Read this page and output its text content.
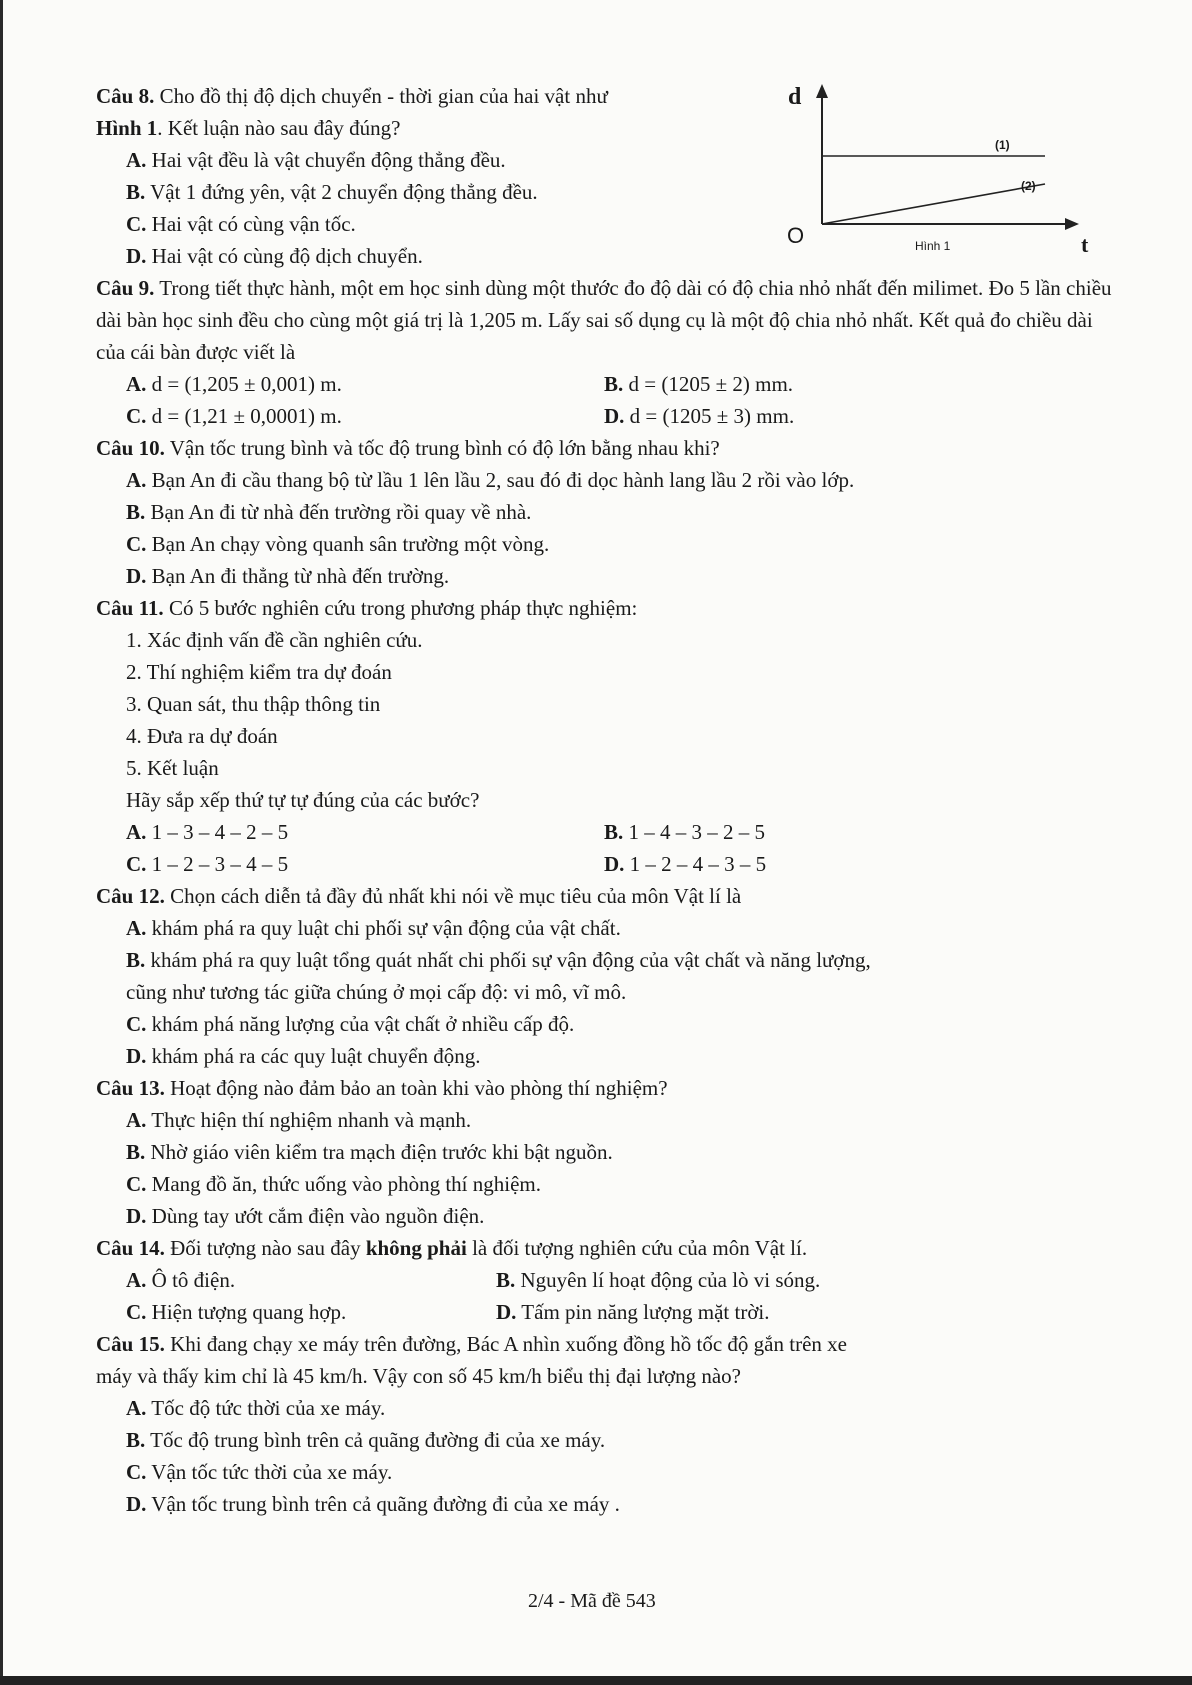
d
(1)
(2)
O	Hình 1	t
Câu 8. Cho đồ thị độ dịch chuyển - thời gian của hai vật như
Hình 1. Kết luận nào sau đây đúng?
A. Hai vật đều là vật chuyển động thẳng đều.
B. Vật 1 đứng yên, vật 2 chuyển động thẳng đều.
C. Hai vật có cùng vận tốc.
D. Hai vật có cùng độ dịch chuyển.
Câu 9. Trong tiết thực hành, một em học sinh dùng một thước đo độ dài có độ chia nhỏ nhất đến milimet. Đo 5 lần chiều dài bàn học sinh đều cho cùng một giá trị là 1,205 m. Lấy sai số dụng cụ là một độ chia nhỏ nhất. Kết quả đo chiều dài của cái bàn được viết là
A. d = (1,205 ± 0,001) m.	B. d = (1205 ± 2) mm.
C. d = (1,21 ± 0,0001) m.	D. d = (1205 ± 3) mm.
Câu 10. Vận tốc trung bình và tốc độ trung bình có độ lớn bằng nhau khi?
A. Bạn An đi cầu thang bộ từ lầu 1 lên lầu 2, sau đó đi dọc hành lang lầu 2 rồi vào lớp.
B. Bạn An đi từ nhà đến trường rồi quay về nhà.
C. Bạn An chạy vòng quanh sân trường một vòng.
D. Bạn An đi thẳng từ nhà đến trường.
Câu 11. Có 5 bước nghiên cứu trong phương pháp thực nghiệm:
1. Xác định vấn đề cần nghiên cứu.
2. Thí nghiệm kiểm tra dự đoán
3. Quan sát, thu thập thông tin
4. Đưa ra dự đoán
5. Kết luận
Hãy sắp xếp thứ tự tự đúng của các bước?
A. 1 – 3 – 4 – 2 – 5	B. 1 – 4 – 3 – 2 – 5
C. 1 – 2 – 3 – 4 – 5	D. 1 – 2 – 4 – 3 – 5
Câu 12. Chọn cách diễn tả đầy đủ nhất khi nói về mục tiêu của môn Vật lí là
A. khám phá ra quy luật chi phối sự vận động của vật chất.
B. khám phá ra quy luật tổng quát nhất chi phối sự vận động của vật chất và năng lượng,
cũng như tương tác giữa chúng ở mọi cấp độ: vi mô, vĩ mô.
C. khám phá năng lượng của vật chất ở nhiều cấp độ.
D. khám phá ra các quy luật chuyển động.
Câu 13. Hoạt động nào đảm bảo an toàn khi vào phòng thí nghiệm?
A. Thực hiện thí nghiệm nhanh và mạnh.
B. Nhờ giáo viên kiểm tra mạch điện trước khi bật nguồn.
C. Mang đồ ăn, thức uống vào phòng thí nghiệm.
D. Dùng tay ướt cắm điện vào nguồn điện.
Câu 14. Đối tượng nào sau đây không phải là đối tượng nghiên cứu của môn Vật lí.
A. Ô tô điện.	B. Nguyên lí hoạt động của lò vi sóng.
C. Hiện tượng quang hợp.	D. Tấm pin năng lượng mặt trời.
Câu 15. Khi đang chạy xe máy trên đường, Bác A nhìn xuống đồng hồ tốc độ gắn trên xe
máy và thấy kim chỉ là 45 km/h. Vậy con số 45 km/h biểu thị đại lượng nào?
A. Tốc độ tức thời của xe máy.
B. Tốc độ trung bình trên cả quãng đường đi của xe máy.
C. Vận tốc tức thời của xe máy.
D. Vận tốc trung bình trên cả quãng đường đi của xe máy .
2/4 - Mã đề 543
